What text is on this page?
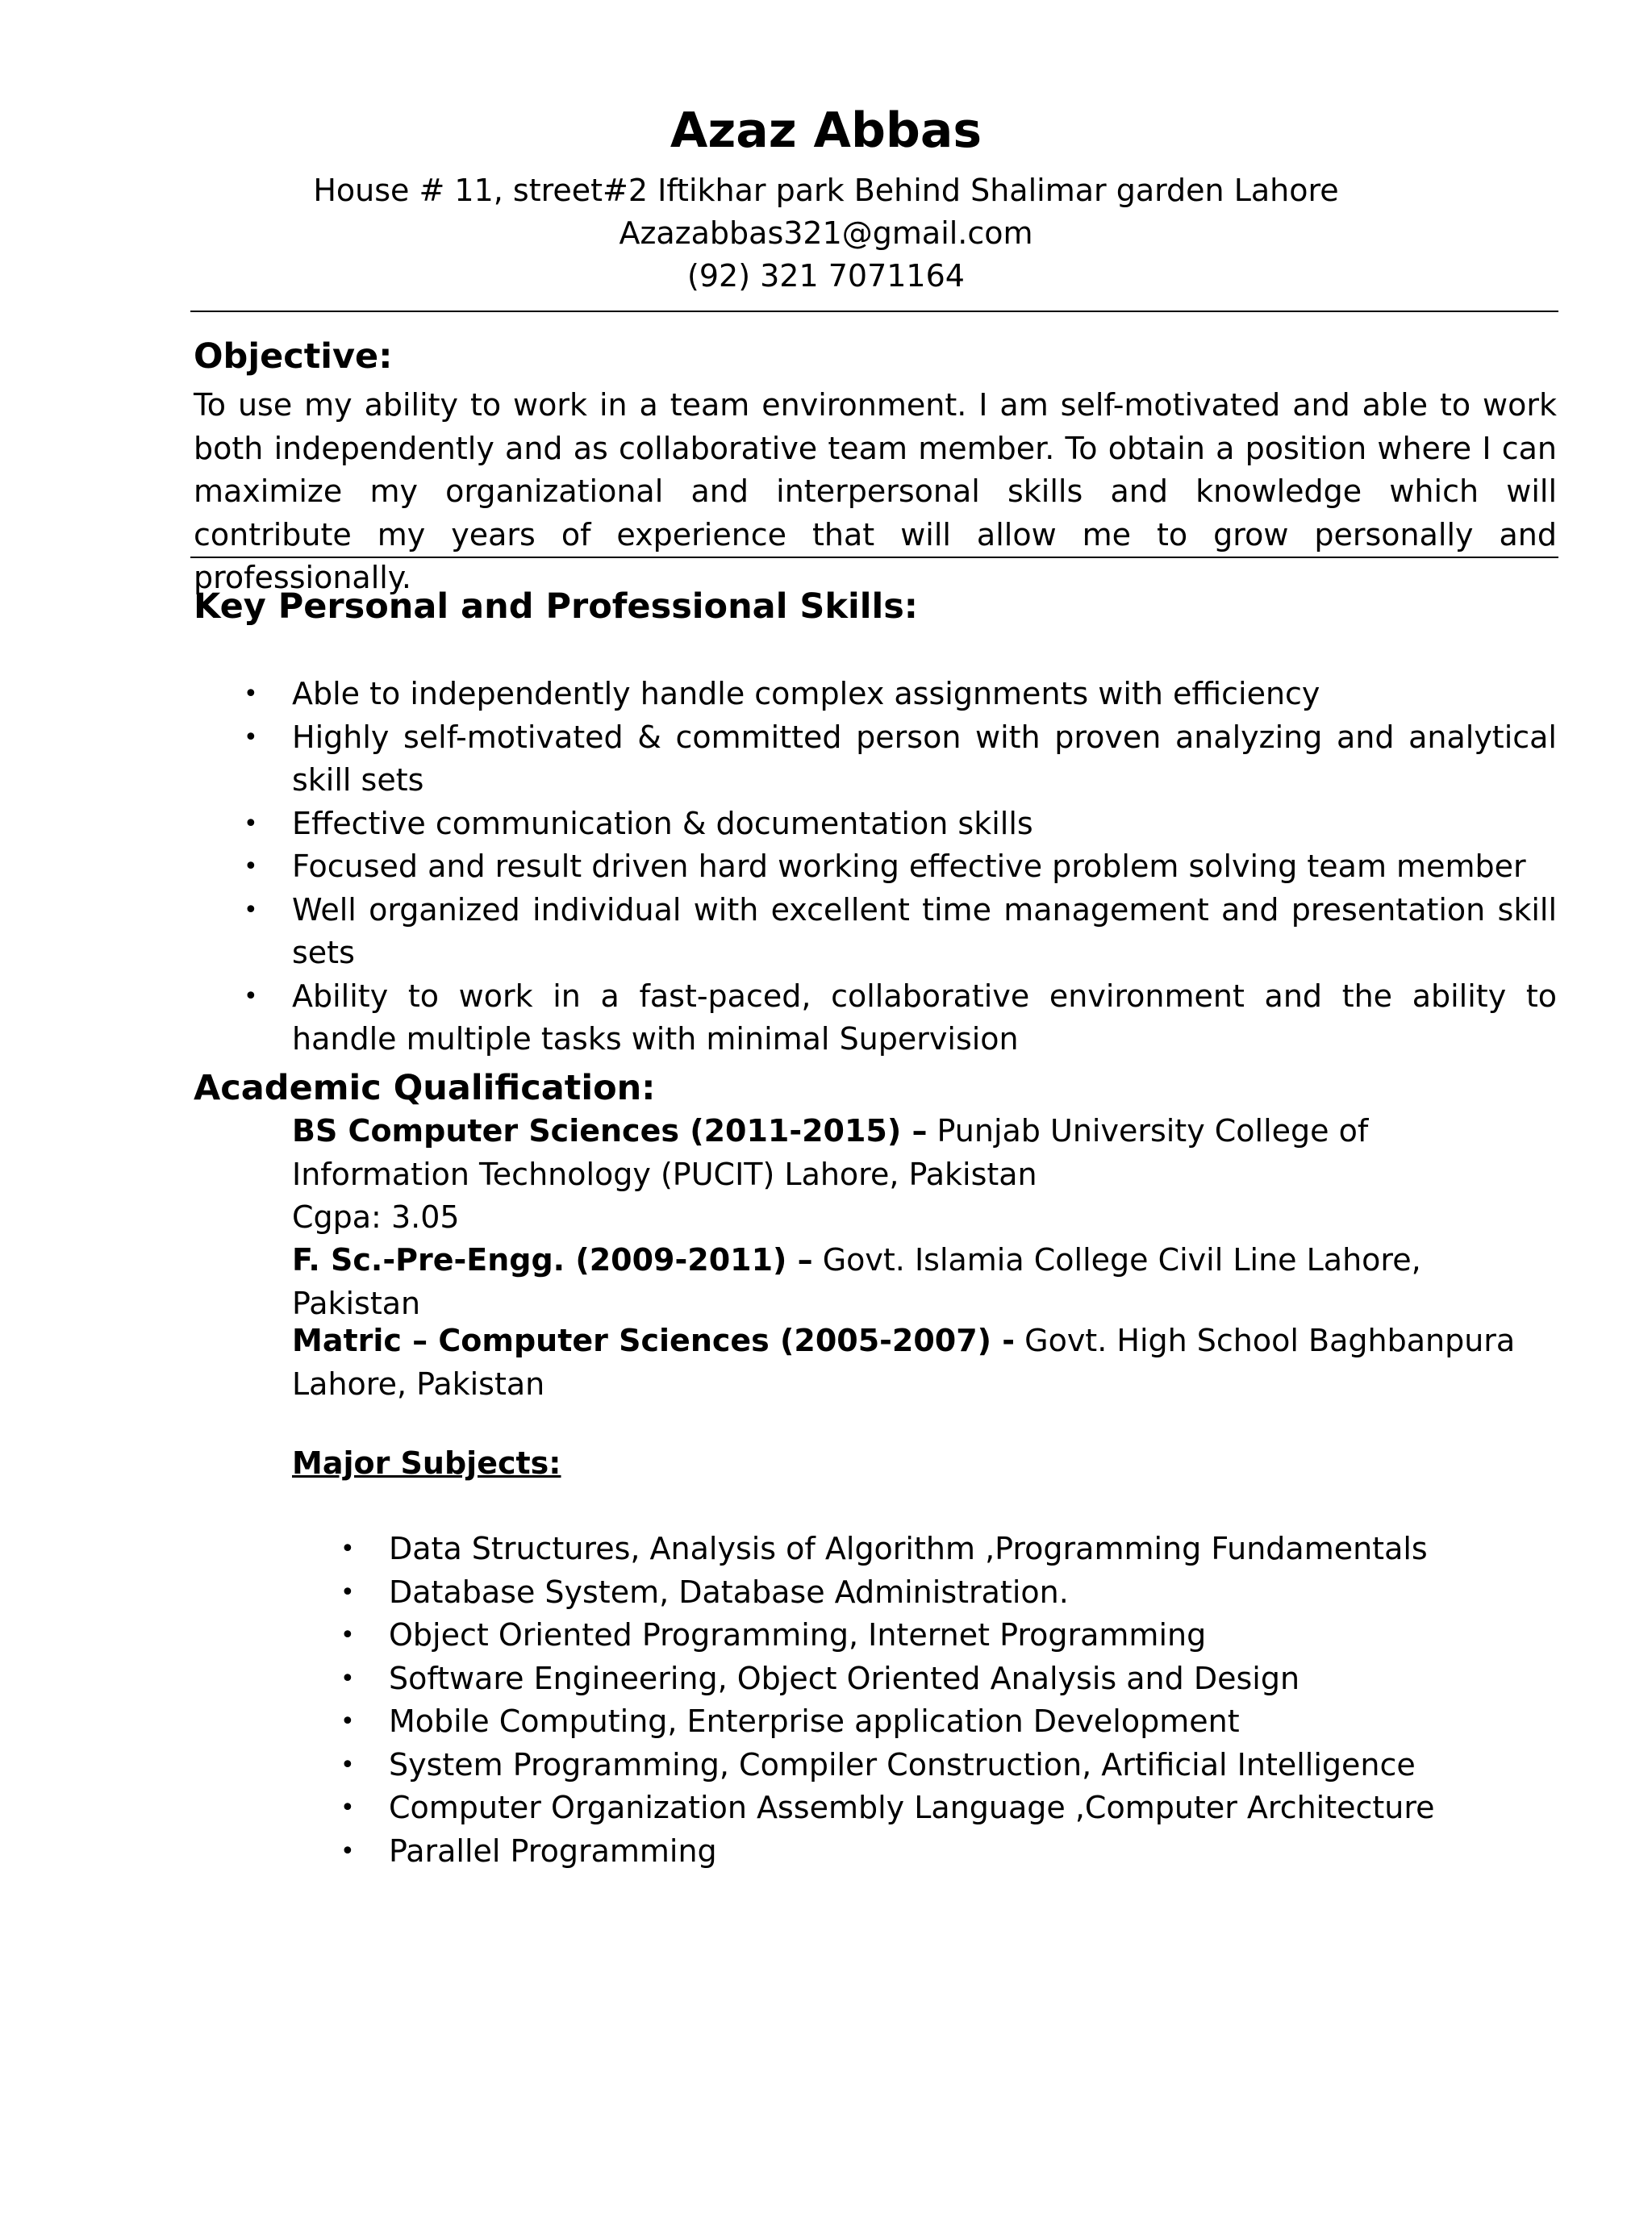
Azaz Abbas
House # 11, street#2 Iftikhar park Behind Shalimar garden Lahore
Azazabbas321@gmail.com
(92) 321 7071164
Objective:
To use my ability to work in a team environment. I am self-motivated and able to work both independently and as collaborative team member. To obtain a position where I can maximize my organizational and interpersonal skills and knowledge which will contribute my years of experience that will allow me to grow personally and professionally.
Key Personal and Professional Skills:
• Able to independently handle complex assignments with efficiency
• Highly self-motivated & committed person with proven analyzing and analytical skill sets
• Effective communication & documentation skills
• Focused and result driven hard working effective problem solving team member
• Well organized individual with excellent time management and presentation skill sets
• Ability to work in a fast-paced, collaborative environment and the ability to handle multiple tasks with minimal Supervision
Academic Qualification:
BS Computer Sciences (2011-2015) – Punjab University College of Information Technology (PUCIT) Lahore, Pakistan
Cgpa: 3.05
F. Sc.-Pre-Engg. (2009-2011) – Govt. Islamia College Civil Line Lahore, Pakistan
Matric – Computer Sciences (2005-2007) - Govt. High School Baghbanpura Lahore, Pakistan
Major Subjects:
• Data Structures, Analysis of Algorithm ,Programming Fundamentals
• Database System, Database Administration.
• Object Oriented Programming, Internet Programming
• Software Engineering, Object Oriented Analysis and Design
• Mobile Computing, Enterprise application Development
• System Programming, Compiler Construction, Artificial Intelligence
• Computer Organization Assembly Language ,Computer Architecture
• Parallel Programming
